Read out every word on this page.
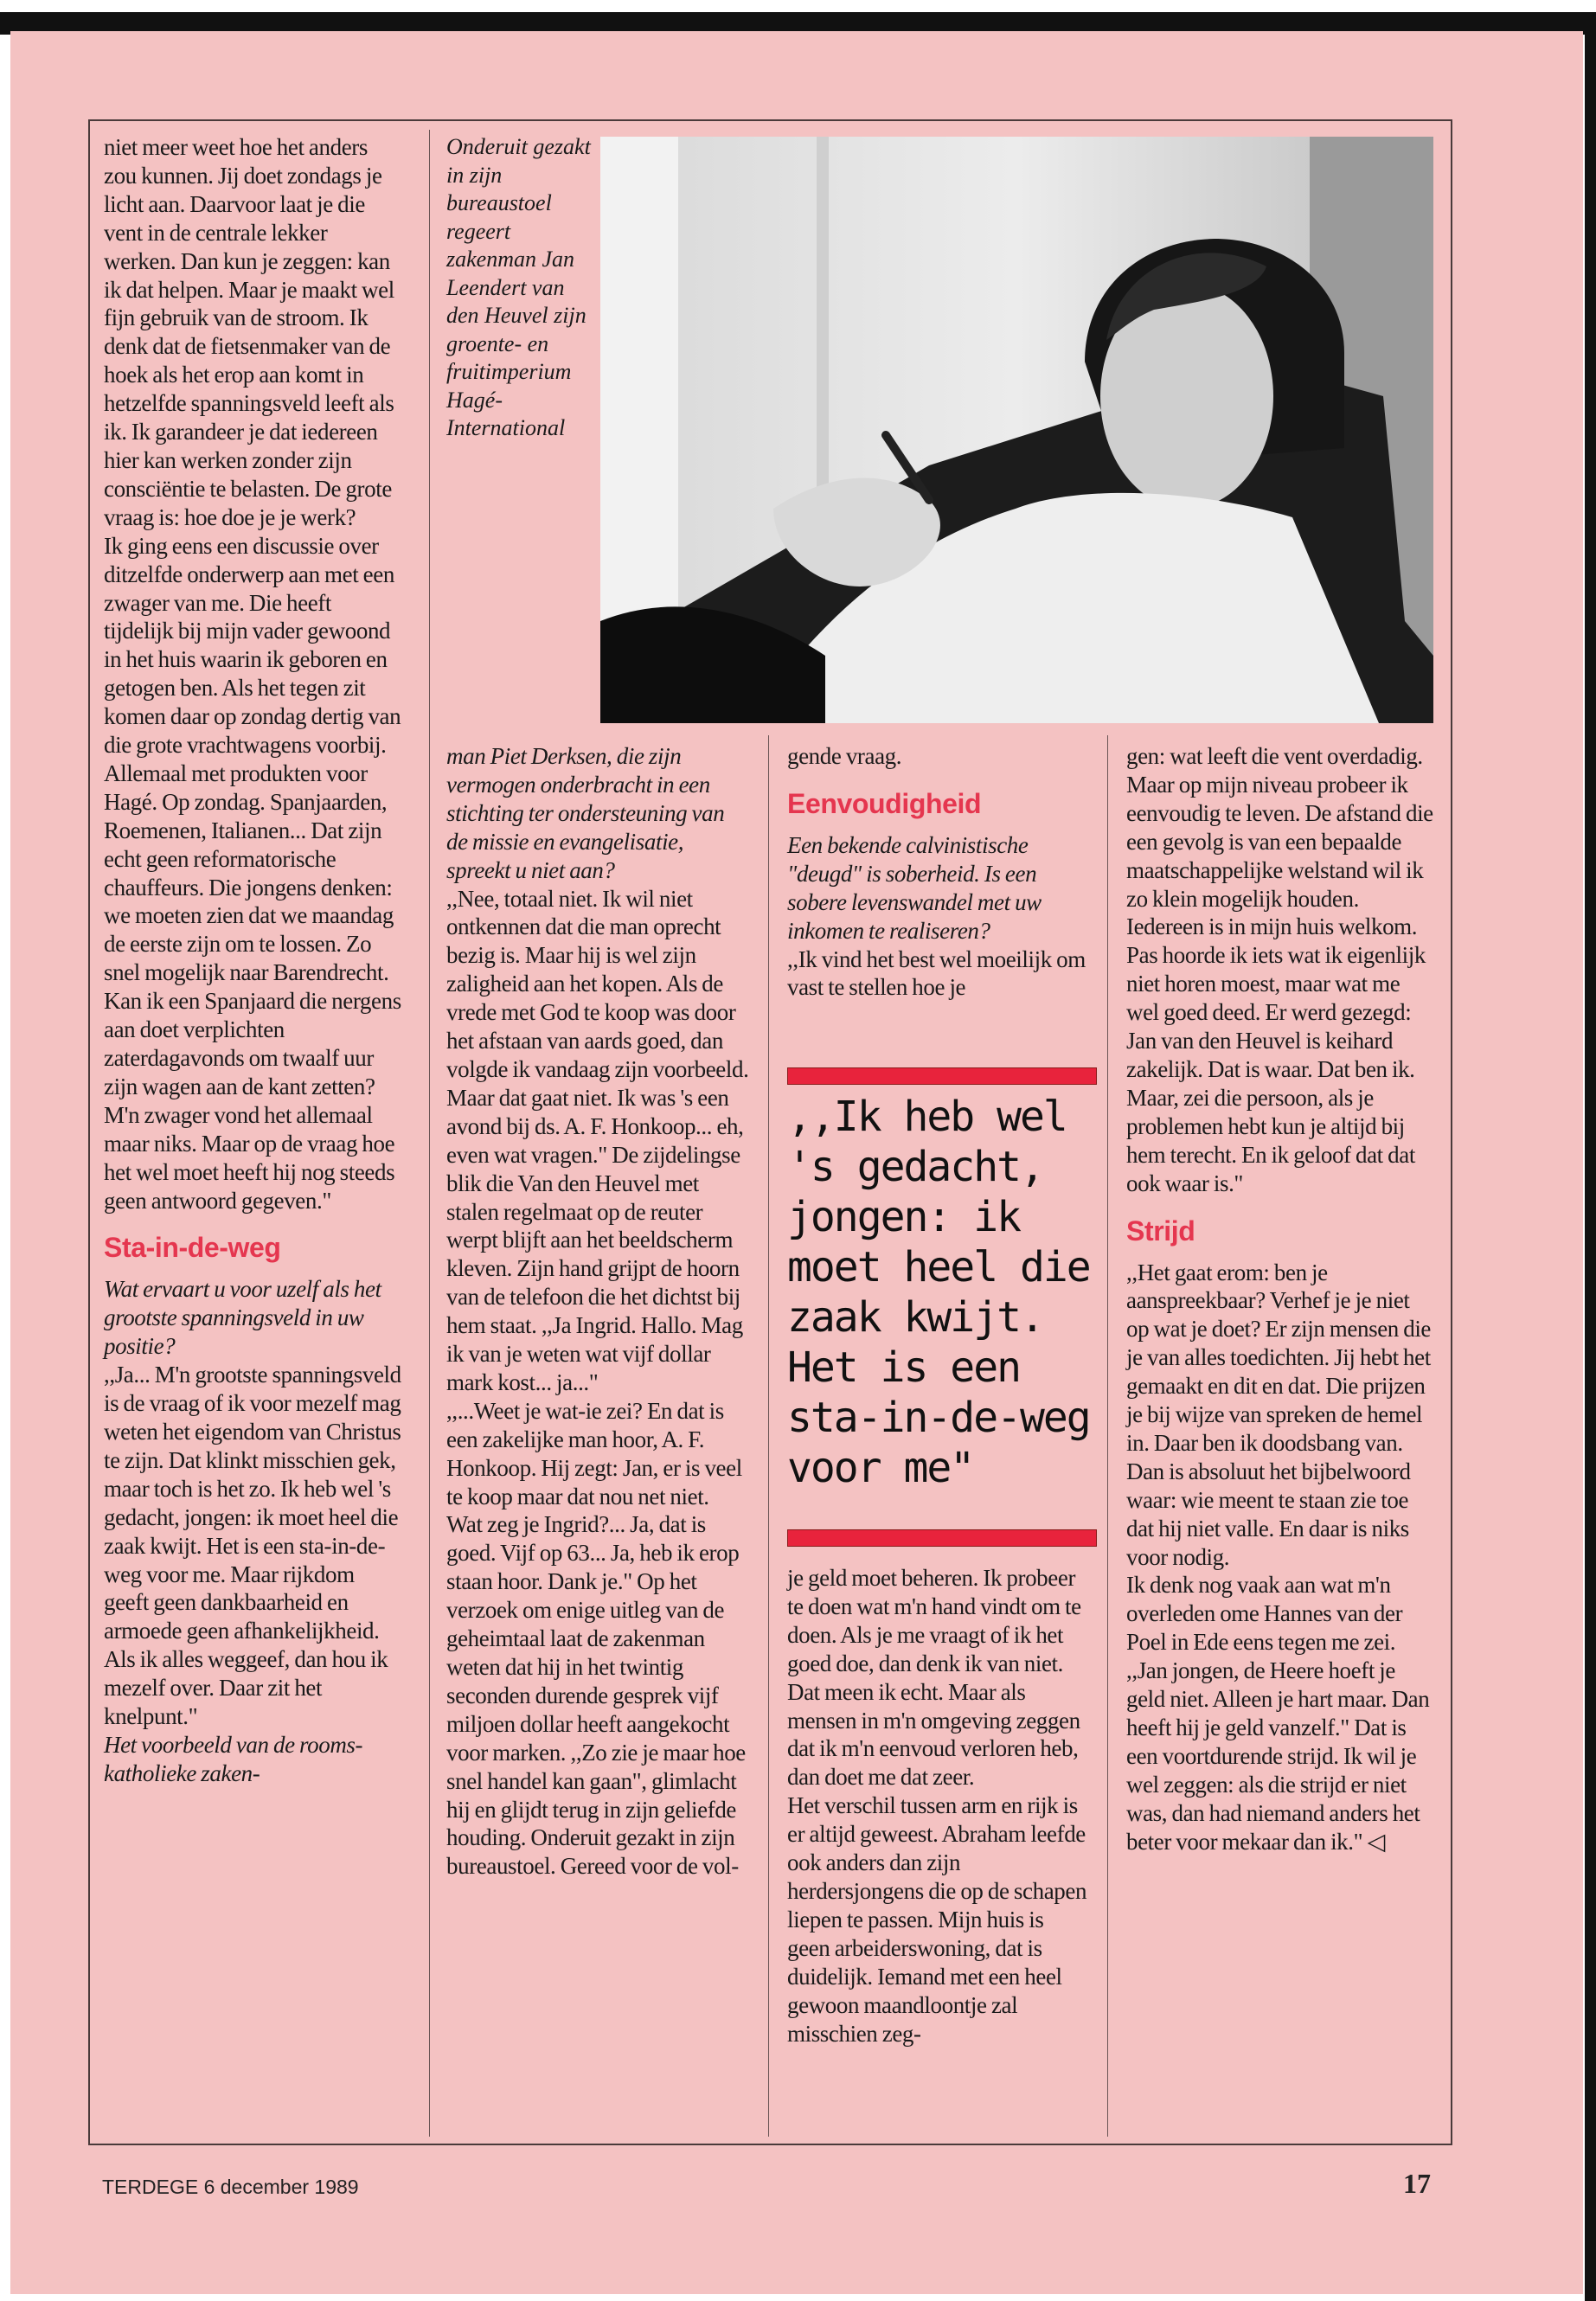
niet meer weet hoe het anders zou kunnen. Jij doet zondags je licht aan. Daarvoor laat je die vent in de centrale lekker werken. Dan kun je zeggen: kan ik dat helpen. Maar je maakt wel fijn gebruik van de stroom. Ik denk dat de fietsenmaker van de hoek als het erop aan komt in hetzelfde spanningsveld leeft als ik. Ik garandeer je dat iedereen hier kan werken zonder zijn consciëntie te belasten. De grote vraag is: hoe doe je je werk?

Ik ging eens een discussie over ditzelfde onderwerp aan met een zwager van me. Die heeft tijdelijk bij mijn vader gewoond in het huis waarin ik geboren en getogen ben. Als het tegen zit komen daar op zondag dertig van die grote vrachtwagens voorbij. Allemaal met produkten voor Hagé. Op zondag. Spanjaarden, Roemenen, Italianen... Dat zijn echt geen reformatorische chauffeurs. Die jongens denken: we moeten zien dat we maandag de eerste zijn om te lossen. Zo snel mogelijk naar Barendrecht. Kan ik een Spanjaard die nergens aan doet verplichten zaterdagavonds om twaalf uur zijn wagen aan de kant zetten? M'n zwager vond het allemaal maar niks. Maar op de vraag hoe het wel moet heeft hij nog steeds geen antwoord gegeven."

Sta-in-de-weg

Wat ervaart u voor uzelf als het grootste spanningsveld in uw positie?

,,Ja... M'n grootste spanningsveld is de vraag of ik voor mezelf mag weten het eigendom van Christus te zijn. Dat klinkt misschien gek, maar toch is het zo. Ik heb wel 's gedacht, jongen: ik moet heel die zaak kwijt. Het is een sta-in-de-weg voor me. Maar rijkdom geeft geen dankbaarheid en armoede geen afhankelijkheid. Als ik alles weggeef, dan hou ik mezelf over. Daar zit het knelpunt."

Het voorbeeld van de rooms-katholieke zaken-

Onderuit gezakt in zijn bureaustoel regeert zakenman Jan Leendert van den Heuvel zijn groente- en fruitimperium Hagé-International

man Piet Derksen, die zijn vermogen onderbracht in een stichting ter ondersteuning van de missie en evangelisatie, spreekt u niet aan?

,,Nee, totaal niet. Ik wil niet ontkennen dat die man oprecht bezig is. Maar hij is wel zijn zaligheid aan het kopen. Als de vrede met God te koop was door het afstaan van aards goed, dan volgde ik vandaag zijn voorbeeld. Maar dat gaat niet. Ik was 's een avond bij ds. A. F. Honkoop... eh, even wat vragen." De zijdelingse blik die Van den Heuvel met stalen regelmaat op de reuter werpt blijft aan het beeldscherm kleven. Zijn hand grijpt de hoorn van de telefoon die het dichtst bij hem staat. ,,Ja Ingrid. Hallo. Mag ik van je weten wat vijf dollar mark kost... ja..."

,,...Weet je wat-ie zei? En dat is een zakelijke man hoor, A. F. Honkoop. Hij zegt: Jan, er is veel te koop maar dat nou net niet. Wat zeg je Ingrid?... Ja, dat is goed. Vijf op 63... Ja, heb ik erop staan hoor. Dank je." Op het verzoek om enige uitleg van de geheimtaal laat de zakenman weten dat hij in het twintig seconden durende gesprek vijf miljoen dollar heeft aangekocht voor marken. ,,Zo zie je maar hoe snel handel kan gaan", glimlacht hij en glijdt terug in zijn geliefde houding. Onderuit gezakt in zijn bureaustoel. Gereed voor de vol-

gende vraag.

Eenvoudigheid

Een bekende calvinistische "deugd" is soberheid. Is een sobere levenswandel met uw inkomen te realiseren?

,,Ik vind het best wel moeilijk om vast te stellen hoe je

,,Ik heb wel 's gedacht, jongen: ik moet heel die zaak kwijt. Het is een sta-in-de-weg voor me"

je geld moet beheren. Ik probeer te doen wat m'n hand vindt om te doen. Als je me vraagt of ik het goed doe, dan denk ik van niet. Dat meen ik echt. Maar als mensen in m'n omgeving zeggen dat ik m'n eenvoud verloren heb, dan doet me dat zeer.

Het verschil tussen arm en rijk is er altijd geweest. Abraham leefde ook anders dan zijn herdersjongens die op de schapen liepen te passen. Mijn huis is geen arbeiderswoning, dat is duidelijk. Iemand met een heel gewoon maandloontje zal misschien zeg-

gen: wat leeft die vent overdadig. Maar op mijn niveau probeer ik eenvoudig te leven. De afstand die een gevolg is van een bepaalde maatschappelijke welstand wil ik zo klein mogelijk houden. Iedereen is in mijn huis welkom.

Pas hoorde ik iets wat ik eigenlijk niet horen moest, maar wat me wel goed deed. Er werd gezegd: Jan van den Heuvel is keihard zakelijk. Dat is waar. Dat ben ik. Maar, zei die persoon, als je problemen hebt kun je altijd bij hem terecht. En ik geloof dat dat ook waar is."

Strijd

,,Het gaat erom: ben je aanspreekbaar? Verhef je je niet op wat je doet? Er zijn mensen die je van alles toedichten. Jij hebt het gemaakt en dit en dat. Die prijzen je bij wijze van spreken de hemel in. Daar ben ik doodsbang van. Dan is absoluut het bijbelwoord waar: wie meent te staan zie toe dat hij niet valle. En daar is niks voor nodig.

Ik denk nog vaak aan wat m'n overleden ome Hannes van der Poel in Ede eens tegen me zei. ,,Jan jongen, de Heere hoeft je geld niet. Alleen je hart maar. Dan heeft hij je geld vanzelf." Dat is een voortdurende strijd. Ik wil je wel zeggen: als die strijd er niet was, dan had niemand anders het beter voor mekaar dan ik." ◁

TERDEGE 6 december 1989	17
